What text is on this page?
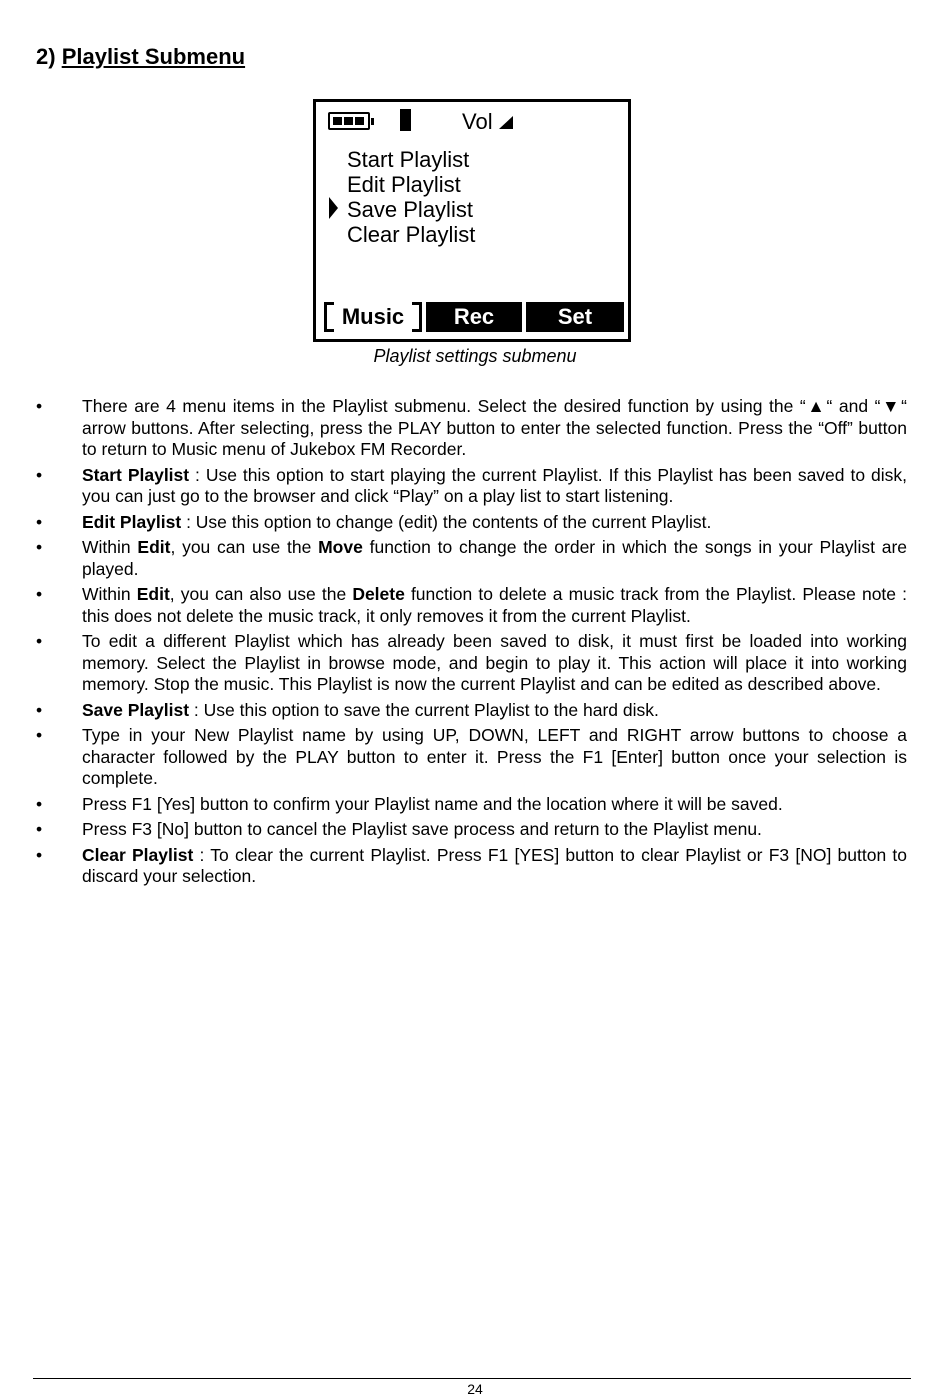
2) Playlist Submenu
Vol
Start Playlist
Edit Playlist
Save Playlist
Clear Playlist
Music	Rec	Set
Playlist settings submenu
• There are 4 menu items in the Playlist submenu. Select the desired function by using the “▲“ and “▼“ arrow buttons. After selecting, press the PLAY button to enter the selected function. Press the “Off” button to return to Music menu of Jukebox FM Recorder.
• Start Playlist : Use this option to start playing the current Playlist. If this Playlist has been saved to disk, you can just go to the browser and click “Play” on a play list to start listening.
• Edit Playlist : Use this option to change (edit) the contents of the current Playlist.
• Within Edit, you can use the Move function to change the order in which the songs in your Playlist are played.
• Within Edit, you can also use the Delete function to delete a music track from the Playlist. Please note : this does not delete the music track, it only removes it from the current Playlist.
• To edit a different Playlist which has already been saved to disk, it must first be loaded into working memory. Select the Playlist in browse mode, and begin to play it. This action will place it into working memory. Stop the music. This Playlist is now the current Playlist and can be edited as described above.
• Save Playlist : Use this option to save the current Playlist to the hard disk.
• Type in your New Playlist name by using UP, DOWN, LEFT and RIGHT arrow buttons to choose a character followed by the PLAY button to enter it. Press the F1 [Enter] button once your selection is complete.
• Press F1 [Yes] button to confirm your Playlist name and the location where it will be saved.
• Press F3 [No] button to cancel the Playlist save process and return to the Playlist menu.
• Clear Playlist : To clear the current Playlist. Press F1 [YES] button to clear Playlist or F3 [NO] button to discard your selection.
24
